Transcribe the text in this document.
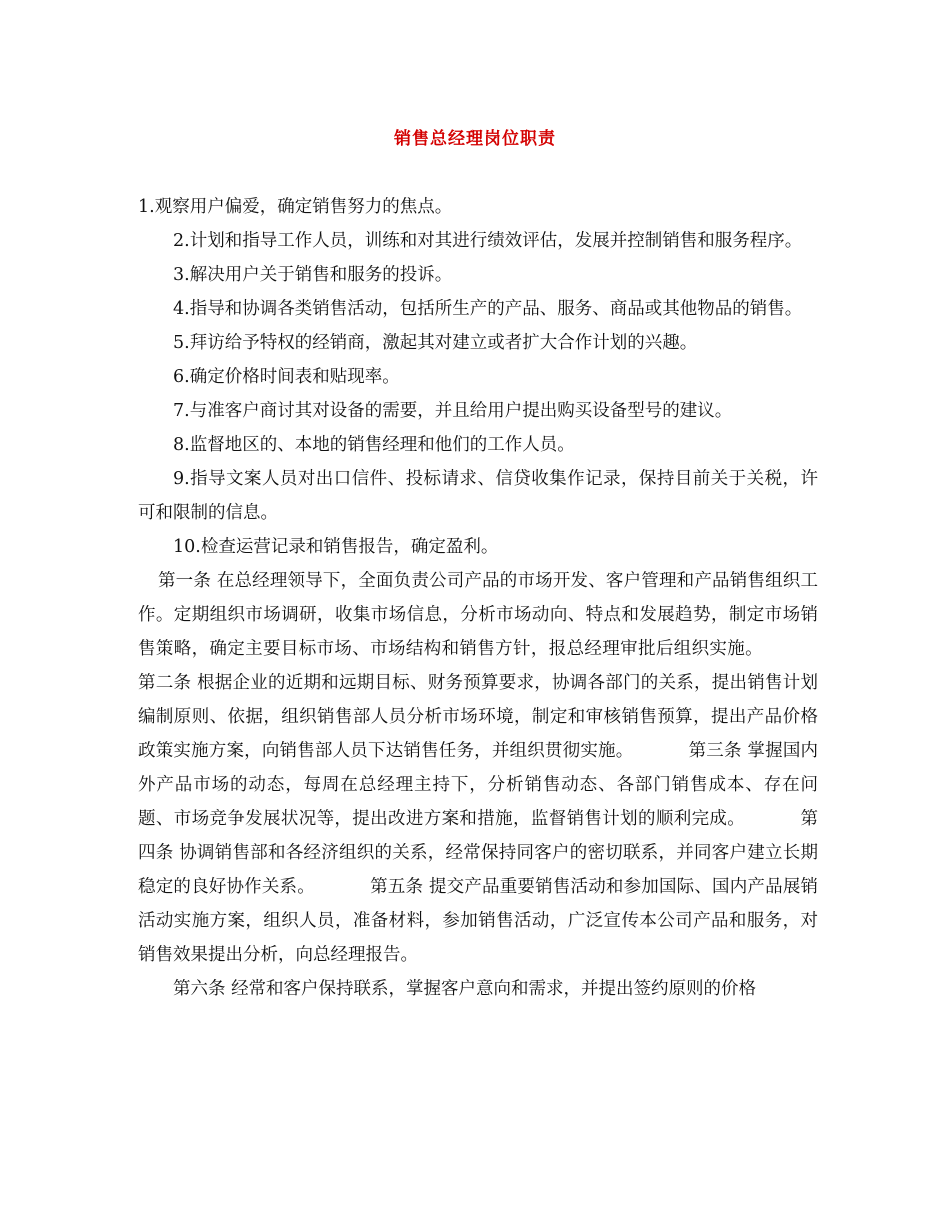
销售总经理岗位职责

1.观察用户偏爱，确定销售努力的焦点。

2.计划和指导工作人员，训练和对其进行绩效评估，发展并控制销售和服务程序。

3.解决用户关于销售和服务的投诉。

4.指导和协调各类销售活动，包括所生产的产品、服务、商品或其他物品的销售。

5.拜访给予特权的经销商，激起其对建立或者扩大合作计划的兴趣。

6.确定价格时间表和贴现率。

7.与准客户商讨其对设备的需要，并且给用户提出购买设备型号的建议。

8.监督地区的、本地的销售经理和他们的工作人员。

9.指导文案人员对出口信件、投标请求、信贷收集作记录，保持目前关于关税，许可和限制的信息。

10.检查运营记录和销售报告，确定盈利。

第一条 在总经理领导下，全面负责公司产品的市场开发、客户管理和产品销售组织工作。定期组织市场调研，收集市场信息，分析市场动向、特点和发展趋势，制定市场销售策略，确定主要目标市场、市场结构和销售方针，报总经理审批后组织实施。第二条 根据企业的近期和远期目标、财务预算要求，协调各部门的关系，提出销售计划编制原则、依据，组织销售部人员分析市场环境，制定和审核销售预算，提出产品价格政策实施方案，向销售部人员下达销售任务，并组织贯彻实施。	第三条 掌握国内外产品市场的动态，每周在总经理主持下，分析销售动态、各部门销售成本、存在问题、市场竞争发展状况等，提出改进方案和措施，监督销售计划的顺利完成。	第四条 协调销售部和各经济组织的关系，经常保持同客户的密切联系，并同客户建立长期稳定的良好协作关系。	第五条 提交产品重要销售活动和参加国际、国内产品展销活动实施方案，组织人员，准备材料，参加销售活动，广泛宣传本公司产品和服务，对销售效果提出分析，向总经理报告。

第六条 经常和客户保持联系，掌握客户意向和需求，并提出签约原则的价格
